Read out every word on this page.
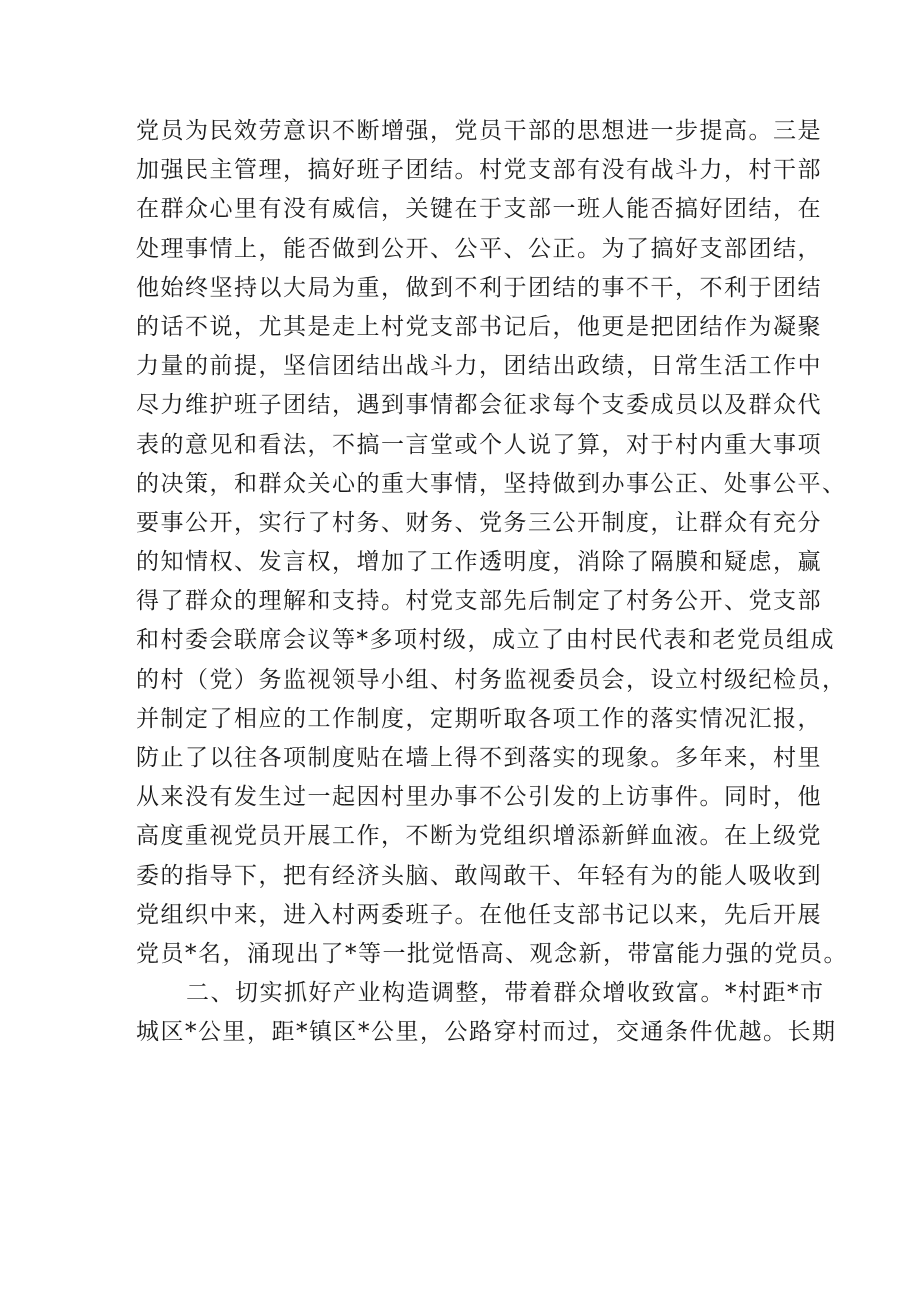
党员为民效劳意识不断增强，党员干部的思想进一步提高。三是
加强民主管理，搞好班子团结。村党支部有没有战斗力，村干部
在群众心里有没有威信，关键在于支部一班人能否搞好团结，在
处理事情上，能否做到公开、公平、公正。为了搞好支部团结，
他始终坚持以大局为重，做到不利于团结的事不干，不利于团结
的话不说，尤其是走上村党支部书记后，他更是把团结作为凝聚
力量的前提，坚信团结出战斗力，团结出政绩，日常生活工作中
尽力维护班子团结，遇到事情都会征求每个支委成员以及群众代
表的意见和看法，不搞一言堂或个人说了算，对于村内重大事项
的决策，和群众关心的重大事情，坚持做到办事公正、处事公平、
要事公开，实行了村务、财务、党务三公开制度，让群众有充分
的知情权、发言权，增加了工作透明度，消除了隔膜和疑虑，赢
得了群众的理解和支持。村党支部先后制定了村务公开、党支部
和村委会联席会议等*多项村级，成立了由村民代表和老党员组成
的村（党）务监视领导小组、村务监视委员会，设立村级纪检员，
并制定了相应的工作制度，定期听取各项工作的落实情况汇报，
防止了以往各项制度贴在墙上得不到落实的现象。多年来，村里
从来没有发生过一起因村里办事不公引发的上访事件。同时，他
高度重视党员开展工作，不断为党组织增添新鲜血液。在上级党
委的指导下，把有经济头脑、敢闯敢干、年轻有为的能人吸收到
党组织中来，进入村两委班子。在他任支部书记以来，先后开展
党员*名，涌现出了*等一批觉悟高、观念新，带富能力强的党员。
二、切实抓好产业构造调整，带着群众增收致富。*村距*市
城区*公里，距*镇区*公里，公路穿村而过，交通条件优越。长期
